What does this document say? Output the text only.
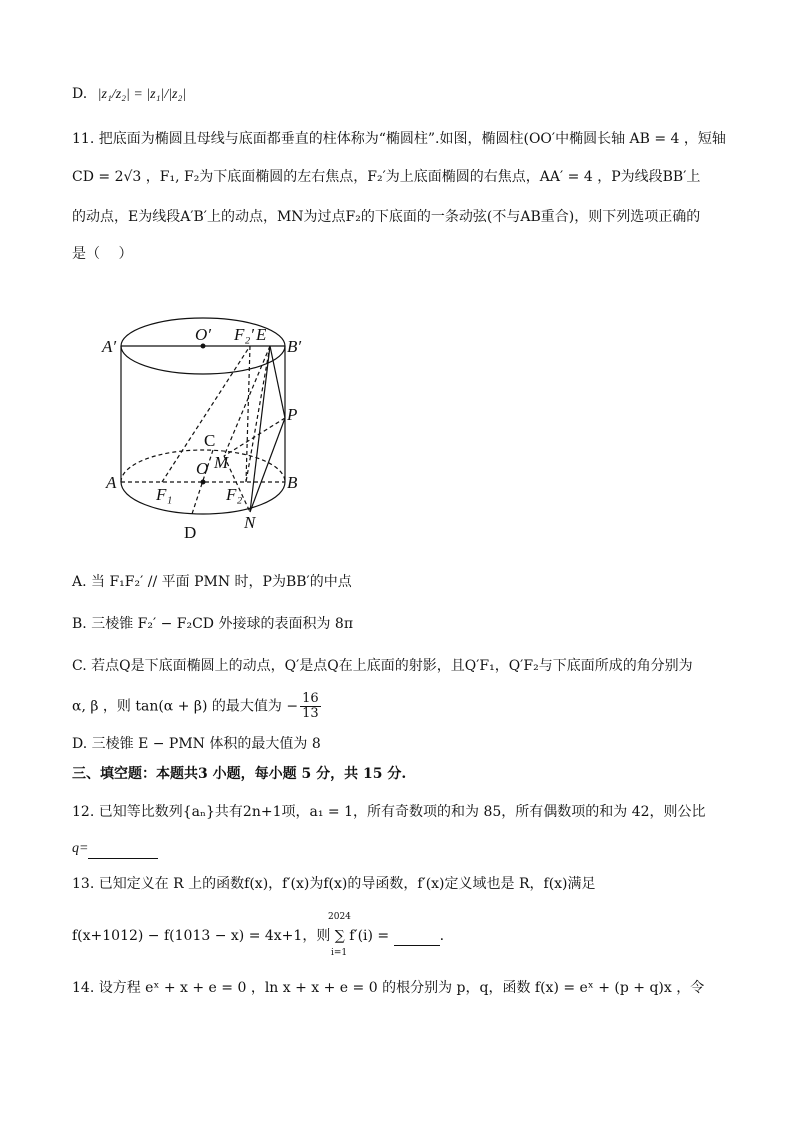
D. |z₁/z₂| = |z₁|/|z₂|
11. 把底面为椭圆且母线与底面都垂直的柱体称为“椭圆柱”.如图，椭圆柱(OO′中椭圆长轴 AB = 4 ，短轴
CD = 2√3 ，F₁, F₂为下底面椭圆的左右焦点，F₂′为上底面椭圆的右焦点，AA′ = 4 ，P为线段BB′上
的动点，E为线段A′B′上的动点，MN为过点F₂的下底面的一条动弦(不与AB重合)，则下列选项正确的
是（　 ）
A′
O′ F₂′ E
B′
P
C
O M
A
F₁	F₂
B
N
D
A. 当 F₁F₂′ // 平面 PMN 时，P为BB′的中点
B. 三棱锥 F₂′ − F₂CD 外接球的表面积为 8π
C. 若点Q是下底面椭圆上的动点，Q′是点Q在上底面的射影，且Q′F₁，Q′F₂与下底面所成的角分别为
α, β ，则 tan(α + β) 的最大值为 − $\frac{16}{13}$
D. 三棱锥 E − PMN 体积的最大值为 8
三、填空题：本题共3 小题，每小题 5 分，共 15 分.
12. 已知等比数列{aₙ}共有2n+1项，a₁ = 1，所有奇数项的和为 85，所有偶数项的和为 42，则公比
q=
13. 已知定义在 R 上的函数f(x)，f′(x)为f(x)的导函数，f′(x)定义域也是 R，f(x)满足
f(x+1012) − f(1013 − x) = 4x+1，则 ∑ f′(i) =	.
2024
i=1
14. 设方程 eˣ + x + e = 0 ，ln x + x + e = 0 的根分别为 p，q，函数 f(x) = eˣ + (p + q)x ，令
